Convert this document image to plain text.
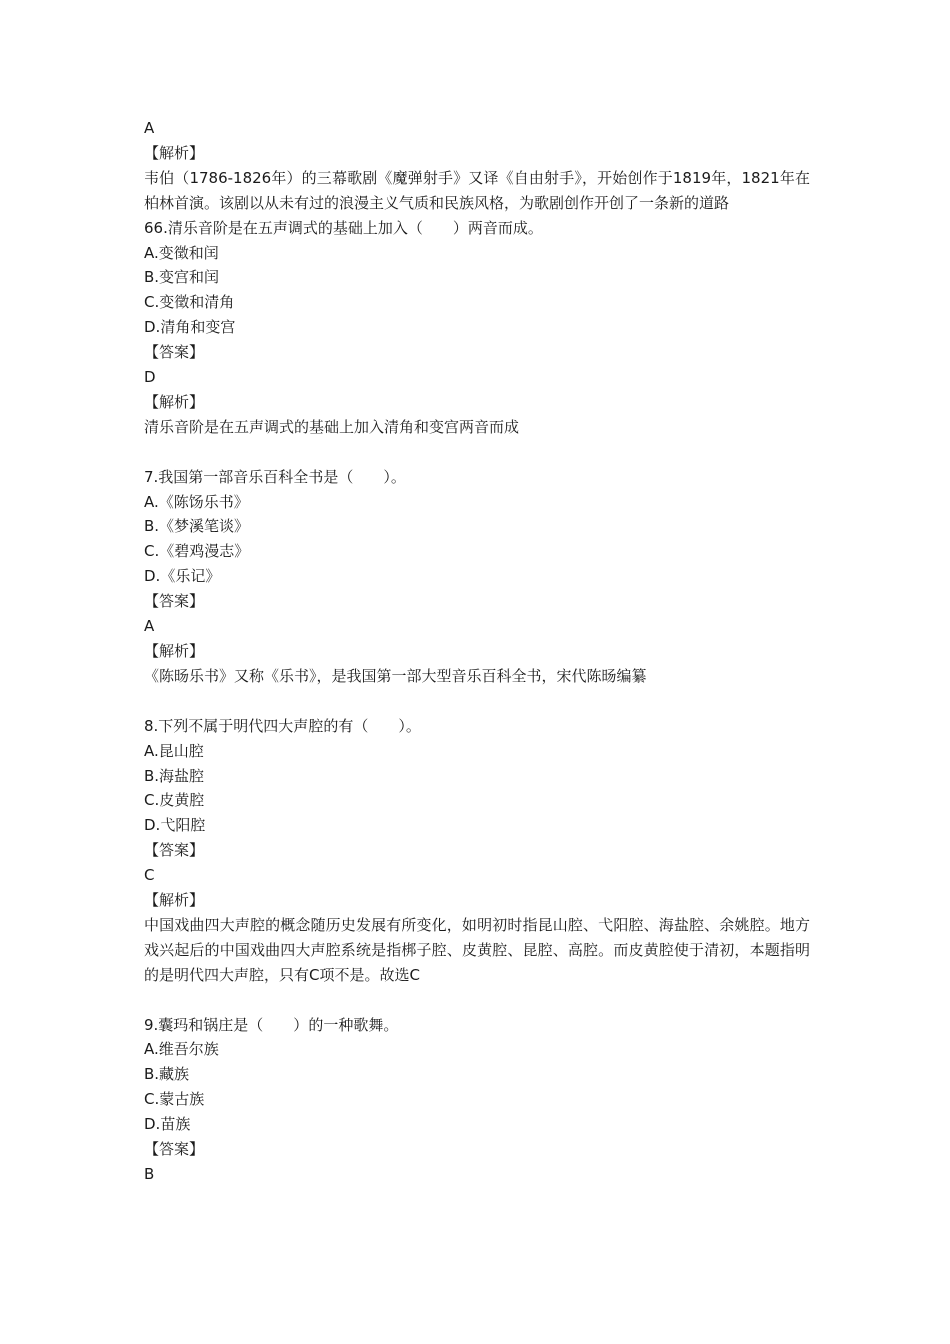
A
【解析】
韦伯（1786-1826年）的三幕歌剧《魔弹射手》又译《自由射手》，开始创作于1819年，1821年在柏林首演。该剧以从未有过的浪漫主义气质和民族风格，为歌剧创作开创了一条新的道路
66.清乐音阶是在五声调式的基础上加入（　　）两音而成。
A.变徵和闰
B.变宫和闰
C.变徵和清角
D.清角和变宫
【答案】
D
【解析】
清乐音阶是在五声调式的基础上加入清角和变宫两音而成
7.我国第一部音乐百科全书是（　　）。
A.《陈饧乐书》
B.《梦溪笔谈》
C.《碧鸡漫志》
D.《乐记》
【答案】
A
【解析】
《陈旸乐书》又称《乐书》，是我国第一部大型音乐百科全书，宋代陈旸编纂
8.下列不属于明代四大声腔的有（　　）。
A.昆山腔
B.海盐腔
C.皮黄腔
D.弋阳腔
【答案】
C
【解析】
中国戏曲四大声腔的概念随历史发展有所变化，如明初时指昆山腔、弋阳腔、海盐腔、余姚腔。地方戏兴起后的中国戏曲四大声腔系统是指梆子腔、皮黄腔、昆腔、高腔。而皮黄腔使于清初，本题指明的是明代四大声腔，只有C项不是。故选C
9.囊玛和锅庄是（　　）的一种歌舞。
A.维吾尔族
B.藏族
C.蒙古族
D.苗族
【答案】
B
